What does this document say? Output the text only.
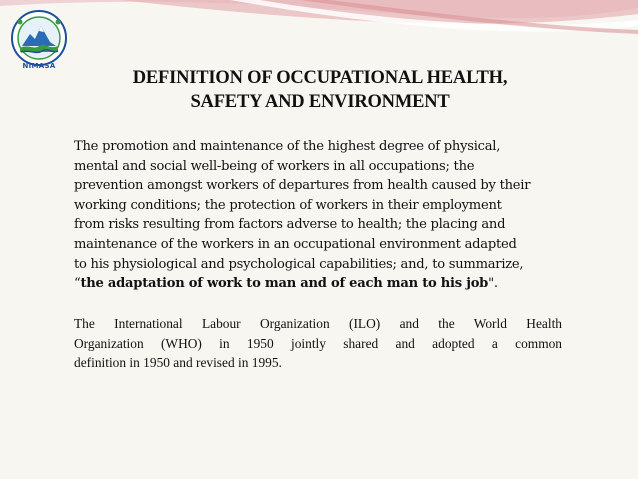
NIMASA
DEFINITION OF OCCUPATIONAL HEALTH,
SAFETY AND ENVIRONMENT
The promotion and maintenance of the highest degree of physical,
mental and social well-being of workers in all occupations; the
prevention amongst workers of departures from health caused by their
working conditions; the protection of workers in their employment
from risks resulting from factors adverse to health; the placing and
maintenance of the workers in an occupational environment adapted
to his physiological and psychological capabilities; and, to summarize,
“the adaptation of work to man and of each man to his job".
The International Labour Organization (ILO) and the World Health
Organization (WHO) in 1950 jointly shared and adopted a common
definition in 1950 and revised in 1995.
